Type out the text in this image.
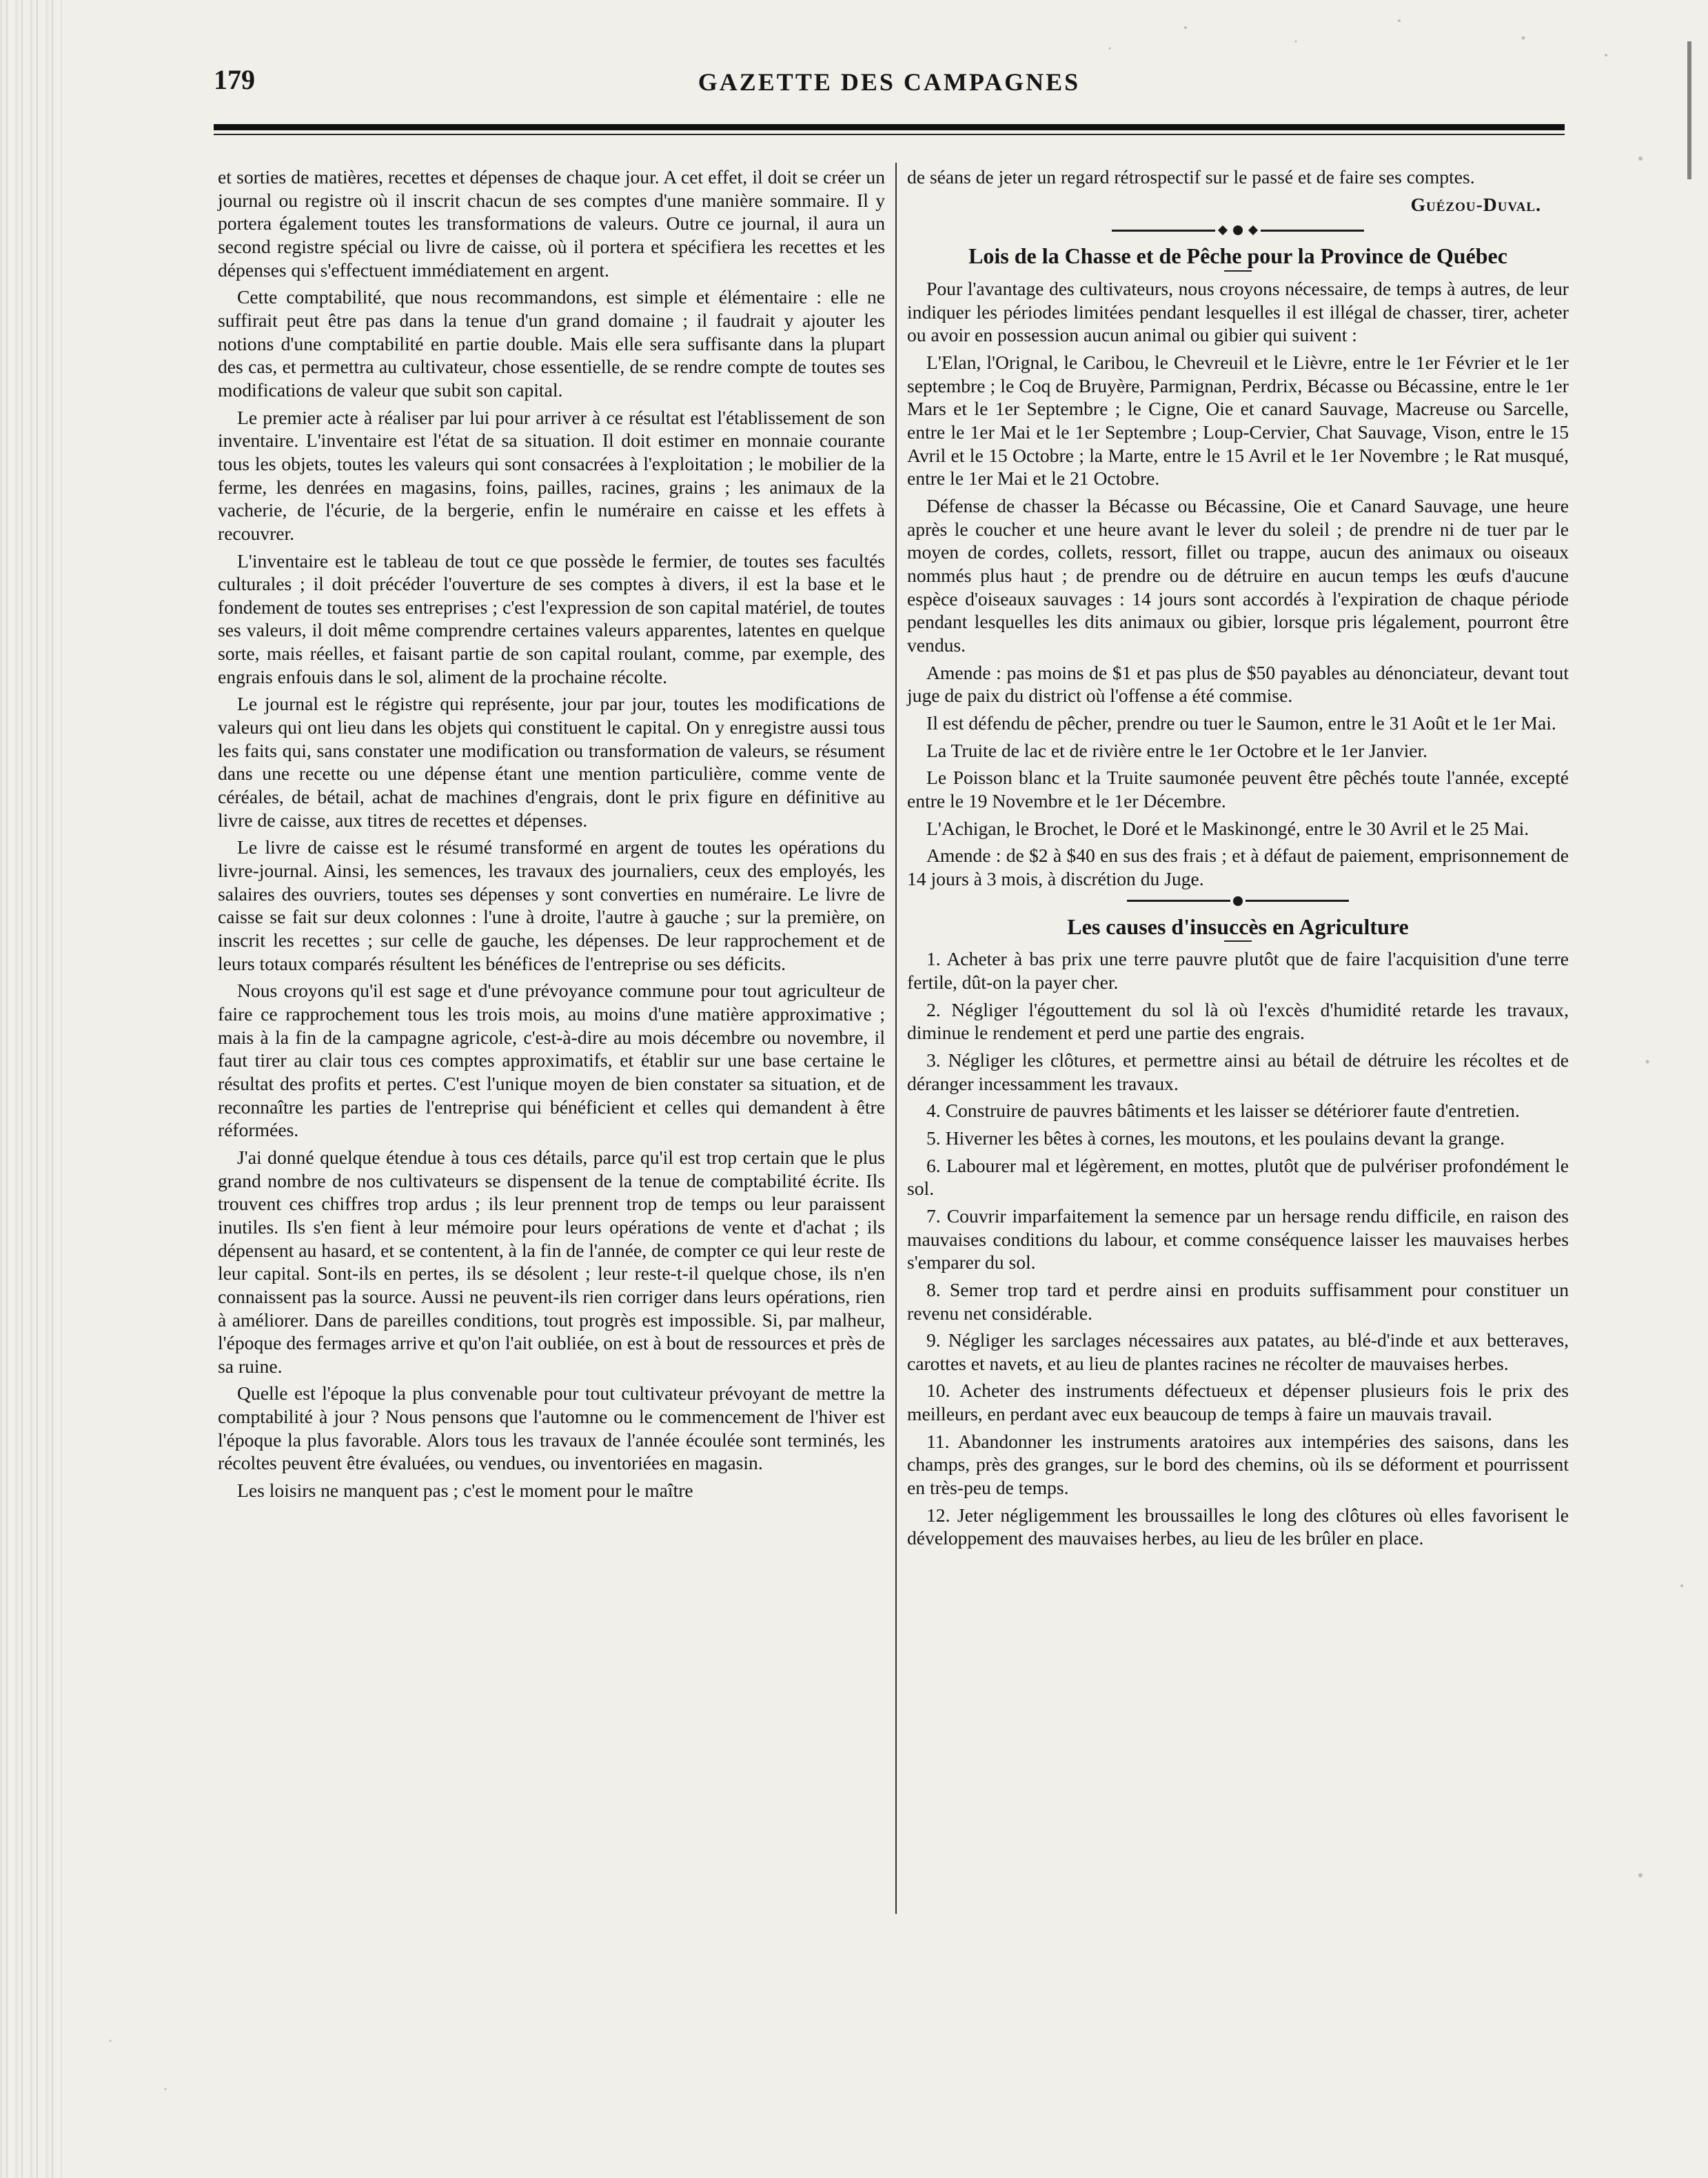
179	GAZETTE DES CAMPAGNES

et sorties de matières, recettes et dépenses de chaque jour. A cet effet, il doit se créer un journal ou registre où il inscrit chacun de ses comptes d'une manière sommaire. Il y portera également toutes les transformations de valeurs. Outre ce journal, il aura un second registre spécial ou livre de caisse, où il portera et spécifiera les recettes et les dépenses qui s'effectuent immédiatement en argent.

Cette comptabilité, que nous recommandons, est simple et élémentaire : elle ne suffirait peut être pas dans la tenue d'un grand domaine ; il faudrait y ajouter les notions d'une comptabilité en partie double. Mais elle sera suffisante dans la plupart des cas, et permettra au cultivateur, chose essentielle, de se rendre compte de toutes ses modifications de valeur que subit son capital.

Le premier acte à réaliser par lui pour arriver à ce résultat est l'établissement de son inventaire. L'inventaire est l'état de sa situation. Il doit estimer en monnaie courante tous les objets, toutes les valeurs qui sont consacrées à l'exploitation ; le mobilier de la ferme, les denrées en magasins, foins, pailles, racines, grains ; les animaux de la vacherie, de l'écurie, de la bergerie, enfin le numéraire en caisse et les effets à recouvrer.

L'inventaire est le tableau de tout ce que possède le fermier, de toutes ses facultés culturales ; il doit précéder l'ouverture de ses comptes à divers, il est la base et le fondement de toutes ses entreprises ; c'est l'expression de son capital matériel, de toutes ses valeurs, il doit même comprendre certaines valeurs apparentes, latentes en quelque sorte, mais réelles, et faisant partie de son capital roulant, comme, par exemple, des engrais enfouis dans le sol, aliment de la prochaine récolte.

Le journal est le régistre qui représente, jour par jour, toutes les modifications de valeurs qui ont lieu dans les objets qui constituent le capital. On y enregistre aussi tous les faits qui, sans constater une modification ou transformation de valeurs, se résument dans une recette ou une dépense étant une mention particulière, comme vente de céréales, de bétail, achat de machines d'engrais, dont le prix figure en définitive au livre de caisse, aux titres de recettes et dépenses.

Le livre de caisse est le résumé transformé en argent de toutes les opérations du livre-journal. Ainsi, les semences, les travaux des journaliers, ceux des employés, les salaires des ouvriers, toutes ses dépenses y sont converties en numéraire. Le livre de caisse se fait sur deux colonnes : l'une à droite, l'autre à gauche ; sur la première, on inscrit les recettes ; sur celle de gauche, les dépenses. De leur rapprochement et de leurs totaux comparés résultent les bénéfices de l'entreprise ou ses déficits.

Nous croyons qu'il est sage et d'une prévoyance commune pour tout agriculteur de faire ce rapprochement tous les trois mois, au moins d'une matière approximative ; mais à la fin de la campagne agricole, c'est-à-dire au mois décembre ou novembre, il faut tirer au clair tous ces comptes approximatifs, et établir sur une base certaine le résultat des profits et pertes. C'est l'unique moyen de bien constater sa situation, et de reconnaître les parties de l'entreprise qui bénéficient et celles qui demandent à être réformées.

J'ai donné quelque étendue à tous ces détails, parce qu'il est trop certain que le plus grand nombre de nos cultivateurs se dispensent de la tenue de comptabilité écrite. Ils trouvent ces chiffres trop ardus ; ils leur prennent trop de temps ou leur paraissent inutiles. Ils s'en fient à leur mémoire pour leurs opérations de vente et d'achat ; ils dépensent au hasard, et se contentent, à la fin de l'année, de compter ce qui leur reste de leur capital. Sont-ils en pertes, ils se désolent ; leur reste-t-il quelque chose, ils n'en connaissent pas la source. Aussi ne peuvent-ils rien corriger dans leurs opérations, rien à améliorer. Dans de pareilles conditions, tout progrès est impossible. Si, par malheur, l'époque des fermages arrive et qu'on l'ait oubliée, on est à bout de ressources et près de sa ruine.

Quelle est l'époque la plus convenable pour tout cultivateur prévoyant de mettre la comptabilité à jour ? Nous pensons que l'automne ou le commencement de l'hiver est l'époque la plus favorable. Alors tous les travaux de l'année écoulée sont terminés, les récoltes peuvent être évaluées, ou vendues, ou inventoriées en magasin.

Les loisirs ne manquent pas ; c'est le moment pour le maître

de séans de jeter un regard rétrospectif sur le passé et de faire ses comptes.

Guézou-Duval.
Lois de la Chasse et de Pêche pour la Province de Québec

Pour l'avantage des cultivateurs, nous croyons nécessaire, de temps à autres, de leur indiquer les périodes limitées pendant lesquelles il est illégal de chasser, tirer, acheter ou avoir en possession aucun animal ou gibier qui suivent :

L'Elan, l'Orignal, le Caribou, le Chevreuil et le Lièvre, entre le 1er Février et le 1er septembre ; le Coq de Bruyère, Parmignan, Perdrix, Bécasse ou Bécassine, entre le 1er Mars et le 1er Septembre ; le Cigne, Oie et canard Sauvage, Macreuse ou Sarcelle, entre le 1er Mai et le 1er Septembre ; Loup-Cervier, Chat Sauvage, Vison, entre le 15 Avril et le 15 Octobre ; la Marte, entre le 15 Avril et le 1er Novembre ; le Rat musqué, entre le 1er Mai et le 21 Octobre.

Défense de chasser la Bécasse ou Bécassine, Oie et Canard Sauvage, une heure après le coucher et une heure avant le lever du soleil ; de prendre ni de tuer par le moyen de cordes, collets, ressort, fillet ou trappe, aucun des animaux ou oiseaux nommés plus haut ; de prendre ou de détruire en aucun temps les œufs d'aucune espèce d'oiseaux sauvages : 14 jours sont accordés à l'expiration de chaque période pendant lesquelles les dits animaux ou gibier, lorsque pris légalement, pourront être vendus.

Amende : pas moins de $1 et pas plus de $50 payables au dénonciateur, devant tout juge de paix du district où l'offense a été commise.

Il est défendu de pêcher, prendre ou tuer le Saumon, entre le 31 Août et le 1er Mai.

La Truite de lac et de rivière entre le 1er Octobre et le 1er Janvier.

Le Poisson blanc et la Truite saumonée peuvent être pêchés toute l'année, excepté entre le 19 Novembre et le 1er Décembre.

L'Achigan, le Brochet, le Doré et le Maskinongé, entre le 30 Avril et le 25 Mai.

Amende : de $2 à $40 en sus des frais ; et à défaut de paiement, emprisonnement de 14 jours à 3 mois, à discrétion du Juge.

Les causes d'insuccès en Agriculture

1. Acheter à bas prix une terre pauvre plutôt que de faire l'acquisition d'une terre fertile, dût-on la payer cher.

2. Négliger l'égouttement du sol là où l'excès d'humidité retarde les travaux, diminue le rendement et perd une partie des engrais.

3. Négliger les clôtures, et permettre ainsi au bétail de détruire les récoltes et de déranger incessamment les travaux.

4. Construire de pauvres bâtiments et les laisser se détériorer faute d'entretien.

5. Hiverner les bêtes à cornes, les moutons, et les poulains devant la grange.

6. Labourer mal et légèrement, en mottes, plutôt que de pulvériser profondément le sol.

7. Couvrir imparfaitement la semence par un hersage rendu difficile, en raison des mauvaises conditions du labour, et comme conséquence laisser les mauvaises herbes s'emparer du sol.

8. Semer trop tard et perdre ainsi en produits suffisamment pour constituer un revenu net considérable.

9. Négliger les sarclages nécessaires aux patates, au blé-d'inde et aux betteraves, carottes et navets, et au lieu de plantes racines ne récolter de mauvaises herbes.

10. Acheter des instruments défectueux et dépenser plusieurs fois le prix des meilleurs, en perdant avec eux beaucoup de temps à faire un mauvais travail.

11. Abandonner les instruments aratoires aux intempéries des saisons, dans les champs, près des granges, sur le bord des chemins, où ils se déforment et pourrissent en très-peu de temps.

12. Jeter négligemment les broussailles le long des clôtures où elles favorisent le développement des mauvaises herbes, au lieu de les brûler en place.
